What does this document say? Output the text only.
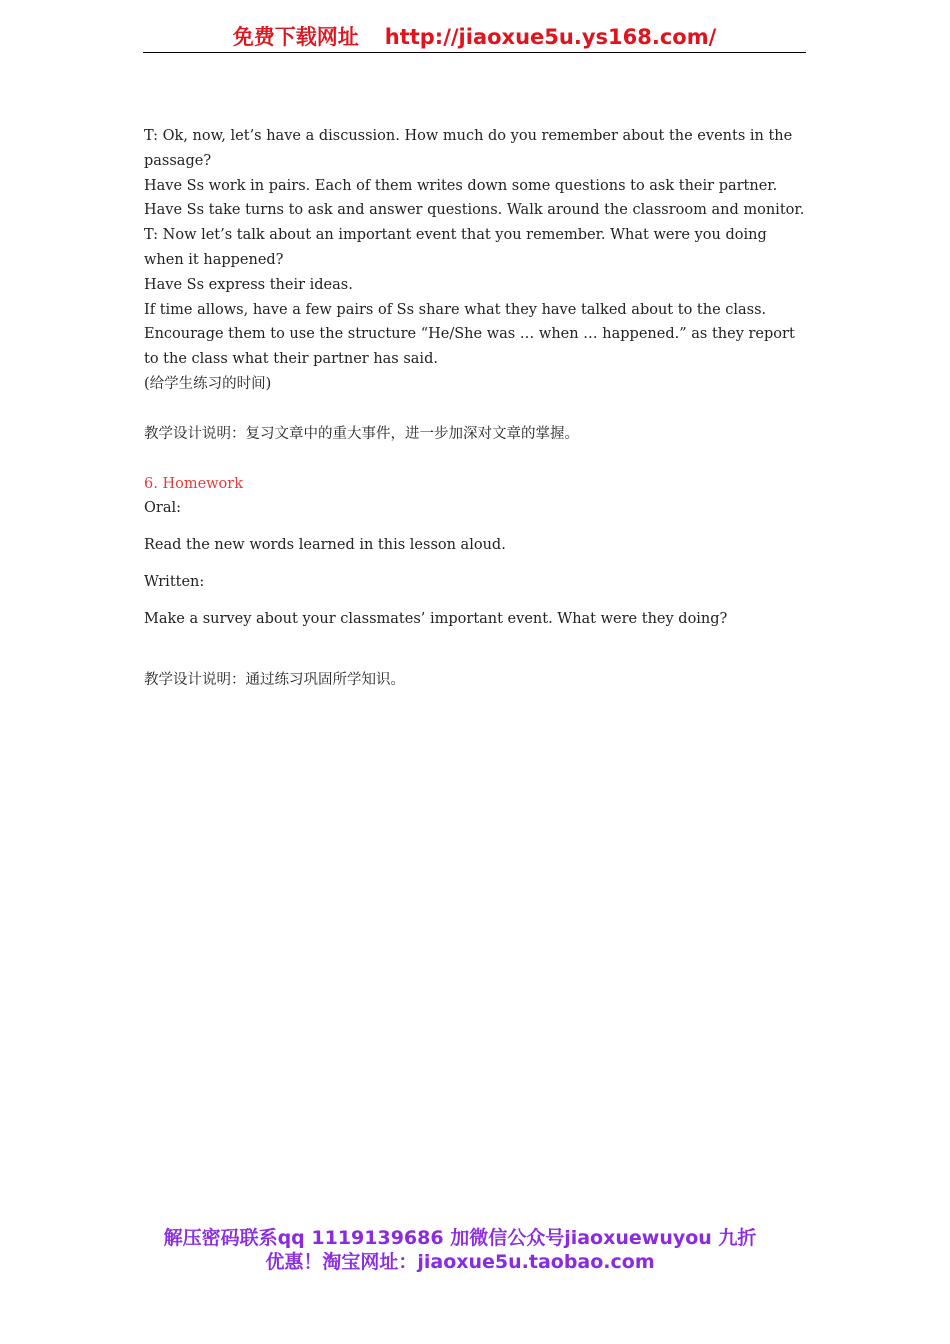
免费下载网址 http://jiaoxue5u.ys168.com/

T: Ok, now, let’s have a discussion. How much do you remember about the events in the passage?

Have Ss work in pairs. Each of them writes down some questions to ask their partner. Have Ss take turns to ask and answer questions. Walk around the classroom and monitor.

T: Now let’s talk about an important event that you remember. What were you doing when it happened?

Have Ss express their ideas.

If time allows, have a few pairs of Ss share what they have talked about to the class. Encourage them to use the structure “He/She was … when … happened.” as they report to the class what their partner has said.

(给学生练习的时间)

教学设计说明：复习文章中的重大事件，进一步加深对文章的掌握。

6. Homework

Oral:

Read the new words learned in this lesson aloud.

Written:

Make a survey about your classmates’ important event. What were they doing?

教学设计说明：通过练习巩固所学知识。

解压密码联系qq 1119139686 加微信公众号jiaoxuewuyou 九折
优惠！淘宝网址：jiaoxue5u.taobao.com
